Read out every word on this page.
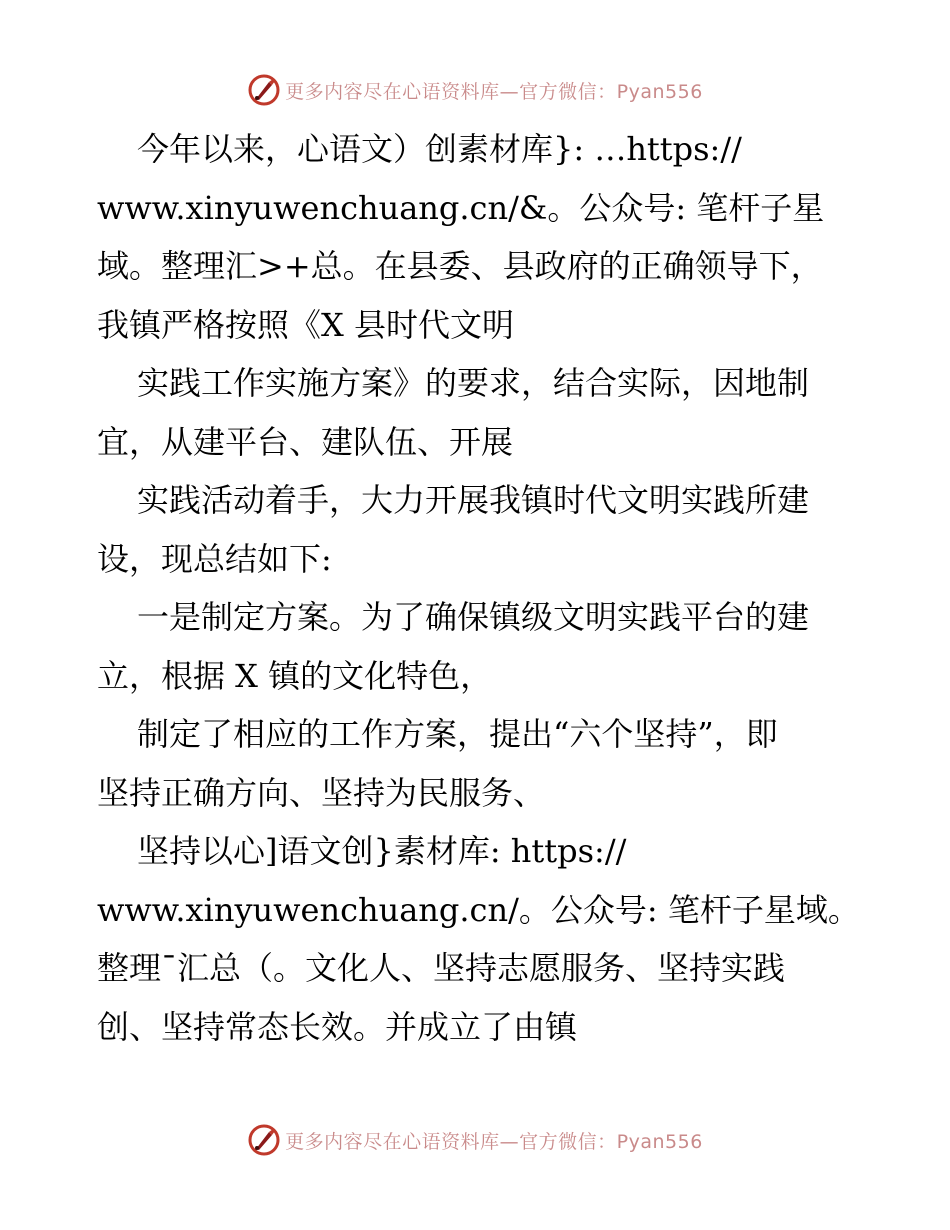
更多内容尽在心语资料库—官方微信：Pyan556
今年以来，心语文）创素材库}: …https://
www.xinyuwenchuang.cn/&。公众号: 笔杆子星
域。整理汇>+总。在县委、县政府的正确领导下，
我镇严格按照《X 县时代文明
实践工作实施方案》的要求，结合实际，因地制
宜，从建平台、建队伍、开展
实践活动着手，大力开展我镇时代文明实践所建
设，现总结如下:
一是制定方案。为了确保镇级文明实践平台的建
立，根据 X 镇的文化特色，
制定了相应的工作方案，提出“六个坚持”，即
坚持正确方向、坚持为民服务、
坚持以心]语文创}素材库: https://
www.xinyuwenchuang.cn/。公众号: 笔杆子星域。
整理¯汇总（。文化人、坚持志愿服务、坚持实践
创、坚持常态长效。并成立了由镇
更多内容尽在心语资料库—官方微信：Pyan556
